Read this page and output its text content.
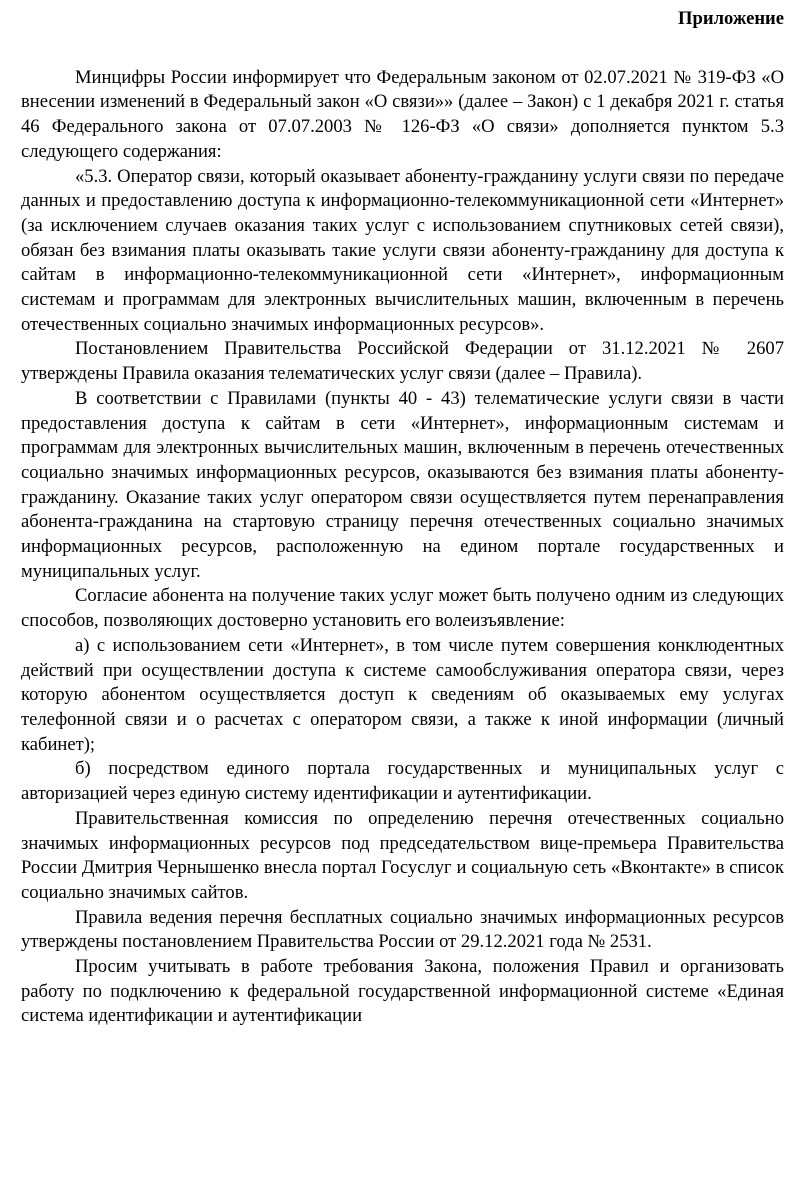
Приложение

Минцифры России информирует что Федеральным законом от 02.07.2021 № 319-ФЗ «О внесении изменений в Федеральный закон «О связи»» (далее – Закон) с 1 декабря 2021 г. статья 46 Федерального закона от 07.07.2003 № 126-ФЗ «О связи» дополняется пунктом 5.3 следующего содержания:

«5.3. Оператор связи, который оказывает абоненту-гражданину услуги связи по передаче данных и предоставлению доступа к информационно-телекоммуникационной сети «Интернет» (за исключением случаев оказания таких услуг с использованием спутниковых сетей связи), обязан без взимания платы оказывать такие услуги связи абоненту-гражданину для доступа к сайтам в информационно-телекоммуникационной сети «Интернет», информационным системам и программам для электронных вычислительных машин, включенным в перечень отечественных социально значимых информационных ресурсов».

Постановлением Правительства Российской Федерации от 31.12.2021 № 2607 утверждены Правила оказания телематических услуг связи (далее – Правила).

В соответствии с Правилами (пункты 40 - 43) телематические услуги связи в части предоставления доступа к сайтам в сети «Интернет», информационным системам и программам для электронных вычислительных машин, включенным в перечень отечественных социально значимых информационных ресурсов, оказываются без взимания платы абоненту-гражданину. Оказание таких услуг оператором связи осуществляется путем перенаправления абонента-гражданина на стартовую страницу перечня отечественных социально значимых информационных ресурсов, расположенную на едином портале государственных и муниципальных услуг.

Согласие абонента на получение таких услуг может быть получено одним из следующих способов, позволяющих достоверно установить его волеизъявление:

а) с использованием сети «Интернет», в том числе путем совершения конклюдентных действий при осуществлении доступа к системе самообслуживания оператора связи, через которую абонентом осуществляется доступ к сведениям об оказываемых ему услугах телефонной связи и о расчетах с оператором связи, а также к иной информации (личный кабинет);

б) посредством единого портала государственных и муниципальных услуг с авторизацией через единую систему идентификации и аутентификации.

Правительственная комиссия по определению перечня отечественных социально значимых информационных ресурсов под председательством вице-премьера Правительства России Дмитрия Чернышенко внесла портал Госуслуг и социальную сеть «Вконтакте» в список социально значимых сайтов.

Правила ведения перечня бесплатных социально значимых информационных ресурсов утверждены постановлением Правительства России от 29.12.2021 года № 2531.

Просим учитывать в работе требования Закона, положения Правил и организовать работу по подключению к федеральной государственной информационной системе «Единая система идентификации и аутентификации
